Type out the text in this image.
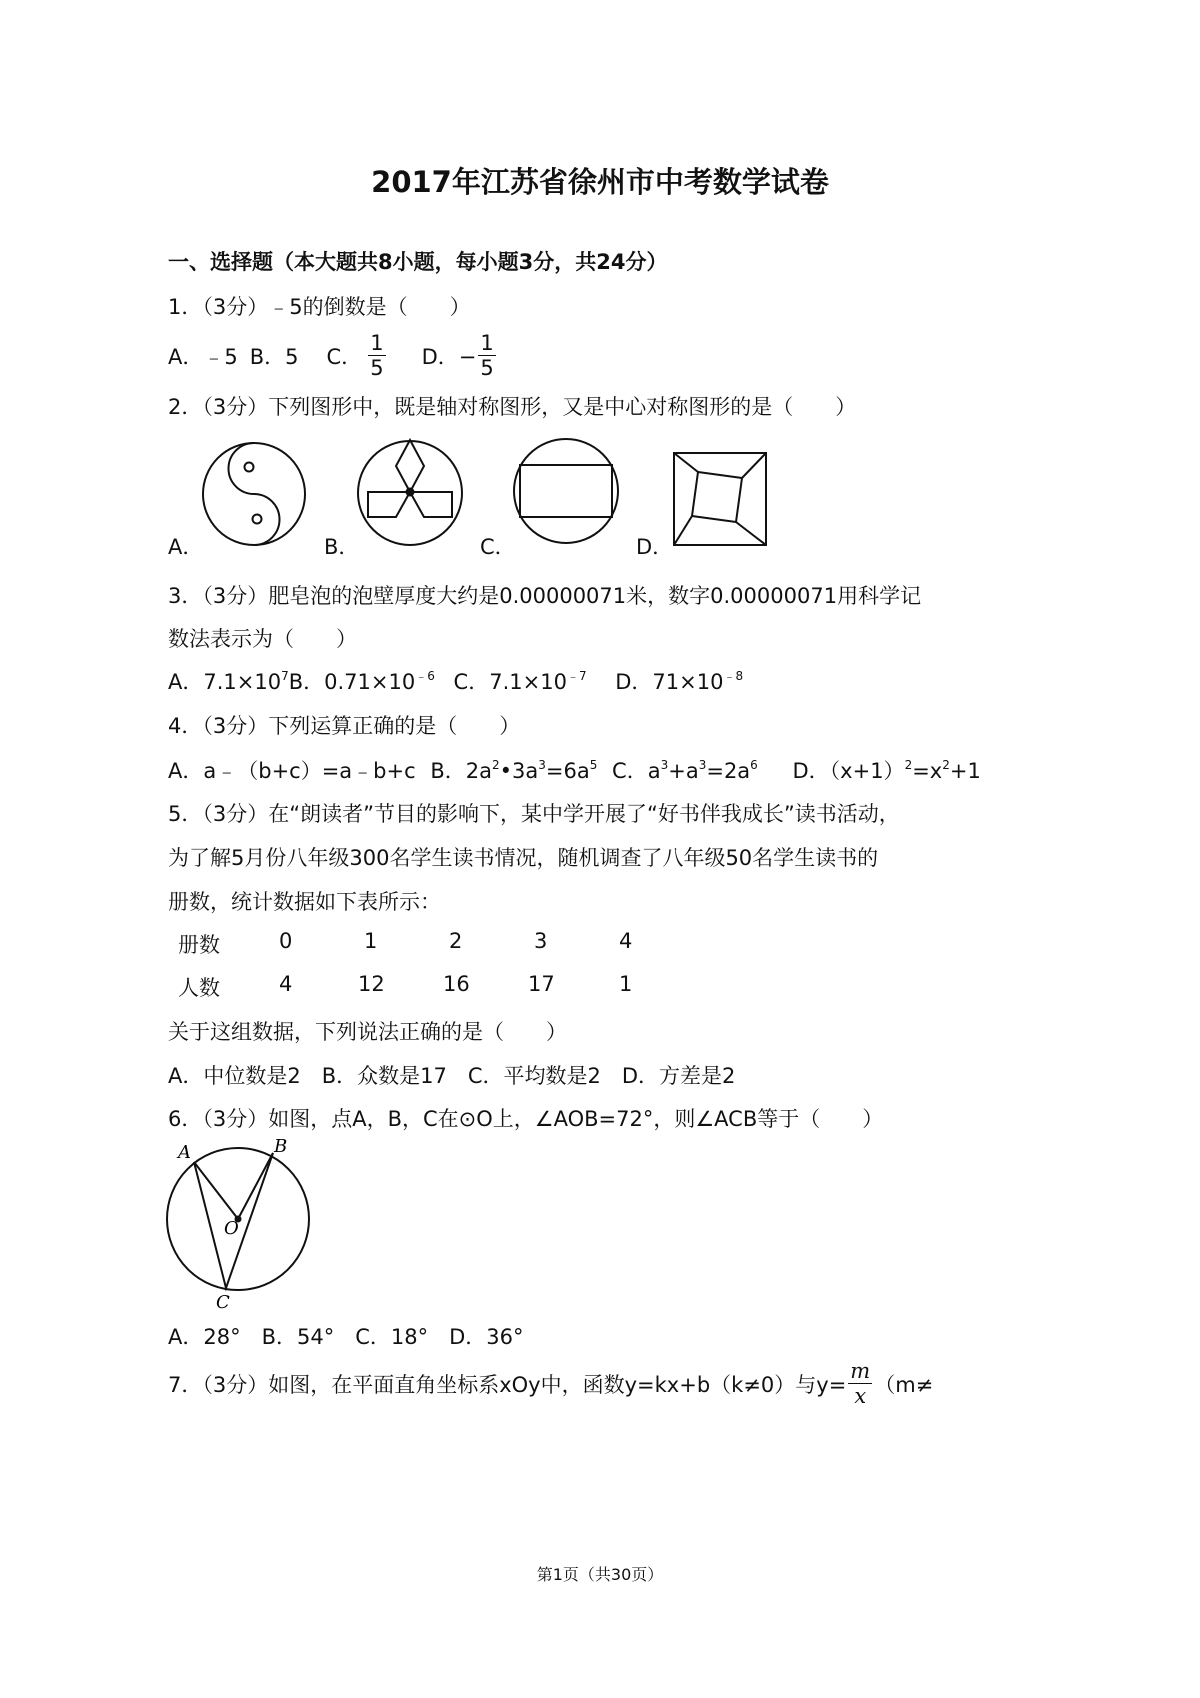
2017年江苏省徐州市中考数学试卷
一、选择题（本大题共8小题，每小题3分，共24分）
1．（3分）﹣5的倒数是（　　）
A．﹣5 B．5 C． $\frac{1}{5}$ D．− $\frac{1}{5}$
2．（3分）下列图形中，既是轴对称图形，又是中心对称图形的是（　　）
A．	B．	C．	D．
3．（3分）肥皂泡的泡壁厚度大约是0.00000071米，数字0.00000071用科学记
数法表示为（　　）
A．$7.1\times 10^7B$．$0.71\times 10^{﹣6}$ C．$7.1\times 10^{﹣7}$ D．$71\times 10^{﹣8}$
4．（3分）下列运算正确的是（　　）
A．a﹣（b+c）=a﹣b+c B．$2a^2•3a^3=6a^5$ C．$a^3+a^3=2a^6$ D．$(x+1)^2=x^2+1$
5．（3分）在“朗读者”节目的影响下，某中学开展了“好书伴我成长”读书活动，
为了解5月份八年级300名学生读书情况，随机调查了八年级50名学生读书的
册数，统计数据如下表所示：
册数	0	1	2	3	4
人数	4	12	16	17	1
关于这组数据，下列说法正确的是（　　）
A．中位数是2　B．众数是17　C．平均数是2　D．方差是2
6．（3分）如图，点A，B，C在⊙O上，∠AOB=72°，则∠ACB等于（　　）
A	B
O
C
A．28°　B．54°　C．18°　D．36°
7．（3分）如图，在平面直角坐标系xOy中，函数y=kx+b（k≠0）与$y= \frac{m}{x} (m\ne$
第1页（共30页）
